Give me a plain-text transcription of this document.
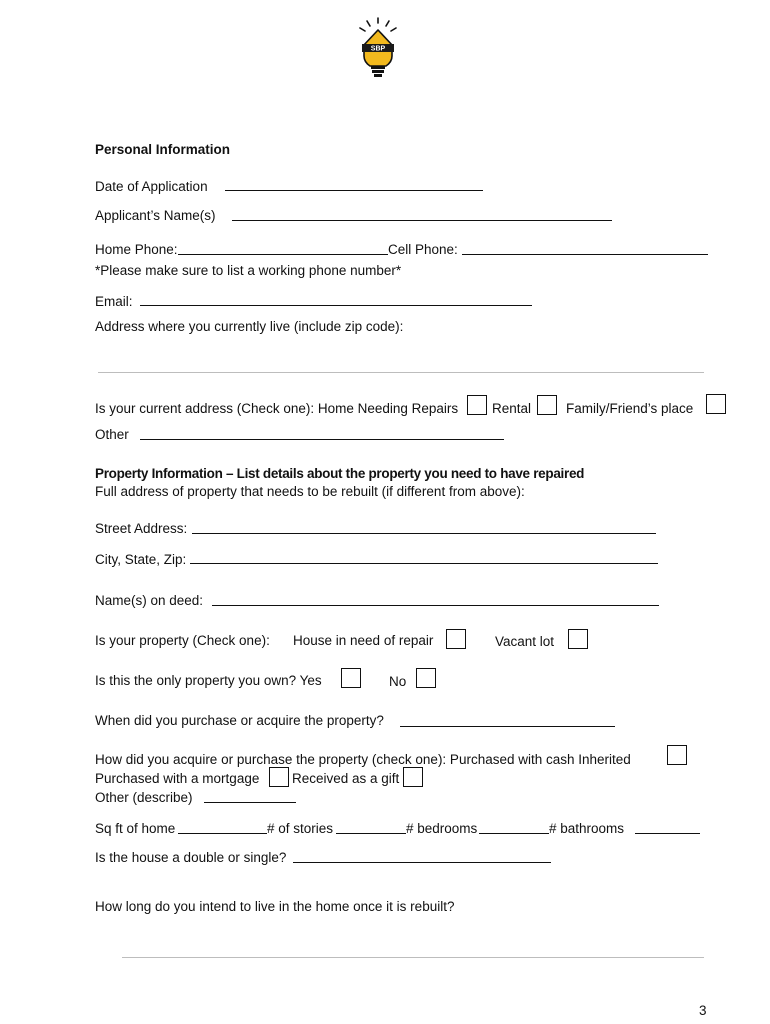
SBP
Personal Information
Date of Application
Applicant’s Name(s)
Home Phone:	Cell Phone:
*Please make sure to list a working phone number*
Email:
Address where you currently live (include zip code):
Is your current address (Check one): Home Needing Repairs	Rental	Family/Friend’s place
Other
Property Information – List details about the property you need to have repaired
Full address of property that needs to be rebuilt (if different from above):
Street Address:
City, State, Zip:
Name(s) on deed:
Is your property (Check one): House in need of repair	Vacant lot
Is this the only property you own? Yes	No
When did you purchase or acquire the property?
How did you acquire or purchase the property (check one): Purchased with cash Inherited
Purchased with a mortgage Received as a gift
Other (describe)
Sq ft of home	# of stories	# bedrooms	# bathrooms
Is the house a double or single?
How long do you intend to live in the home once it is rebuilt?
3
